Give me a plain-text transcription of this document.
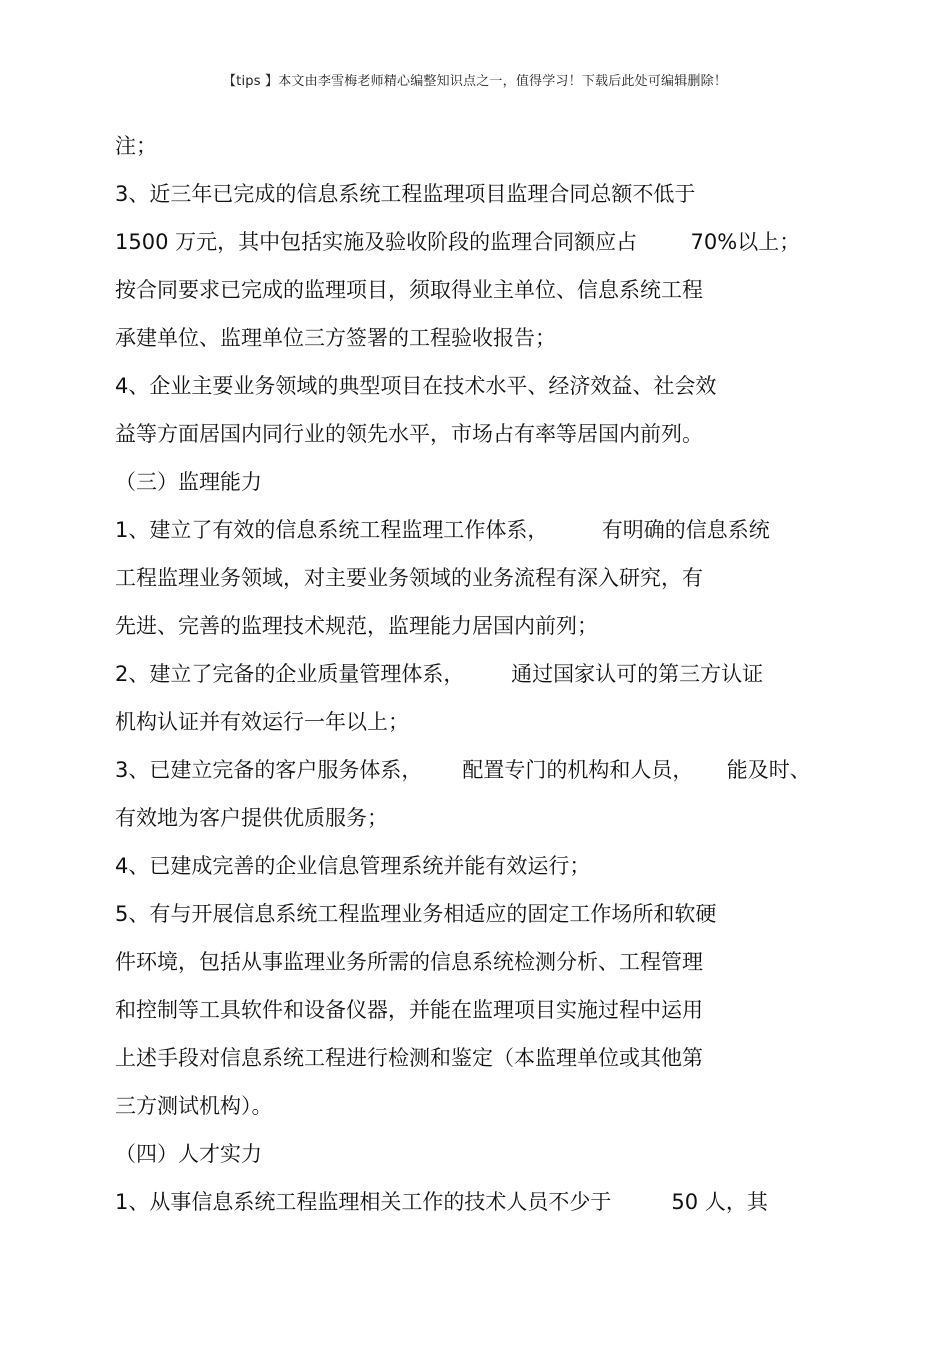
【tips 】本文由李雪梅老师精心编整知识点之一，值得学习！下载后此处可编辑删除！
注；
3、近三年已完成的信息系统工程监理项目监理合同总额不低于
1500 万元，其中包括实施及验收阶段的监理合同额应占        70%以上；
按合同要求已完成的监理项目，须取得业主单位、信息系统工程
承建单位、监理单位三方签署的工程验收报告；
4、企业主要业务领域的典型项目在技术水平、经济效益、社会效
益等方面居国内同行业的领先水平，市场占有率等居国内前列。
（三）监理能力
1、建立了有效的信息系统工程监理工作体系，        有明确的信息系统
工程监理业务领域，对主要业务领域的业务流程有深入研究，有
先进、完善的监理技术规范，监理能力居国内前列；
2、建立了完备的企业质量管理体系，       通过国家认可的第三方认证
机构认证并有效运行一年以上；
3、已建立完备的客户服务体系，      配置专门的机构和人员，     能及时、
有效地为客户提供优质服务；
4、已建成完善的企业信息管理系统并能有效运行；
5、有与开展信息系统工程监理业务相适应的固定工作场所和软硬
件环境，包括从事监理业务所需的信息系统检测分析、工程管理
和控制等工具软件和设备仪器，并能在监理项目实施过程中运用
上述手段对信息系统工程进行检测和鉴定（本监理单位或其他第
三方测试机构）。
（四）人才实力
1、从事信息系统工程监理相关工作的技术人员不少于         50 人，其
